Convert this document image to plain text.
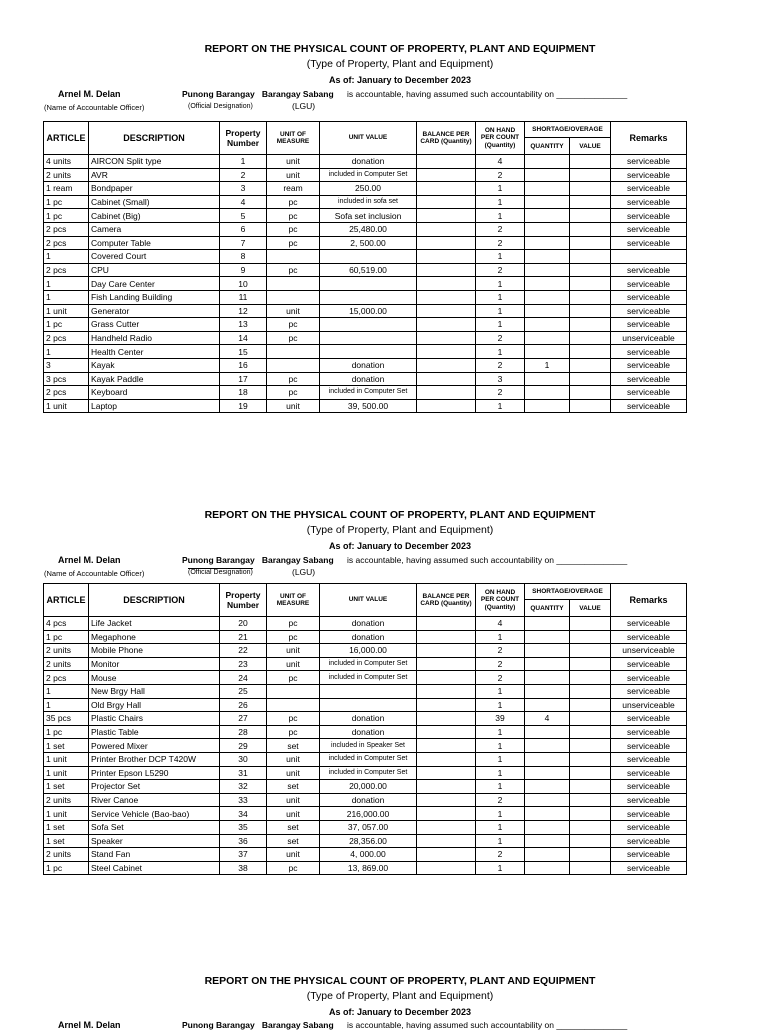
REPORT ON THE PHYSICAL COUNT OF PROPERTY, PLANT AND EQUIPMENT
(Type of Property, Plant and Equipment)
As of: January to December 2023
Arnel M. Delan	Punong Barangay Barangay Sabang is accountable, having assumed such accountability on _______________
(Name of Accountable Officer)	(Official Designation)	(LGU)
ARTICLE	DESCRIPTION	Property Number	UNIT OF MEASURE	UNIT VALUE	BALANCE PER CARD (Quantity)	ON HAND PER COUNT (Quantity)	SHORTAGE/OVERAGE		Remarks
							QUANTITY	VALUE	
4 units	AIRCON Split type	1	unit	donation		4			serviceable
2 units	AVR	2	unit	included in Computer Set		2			serviceable
1 ream	Bondpaper	3	ream	250.00		1			serviceable
1 pc	Cabinet (Small)	4	pc	included in sofa set		1			serviceable
1 pc	Cabinet (Big)	5	pc	Sofa set inclusion		1			serviceable
2 pcs	Camera	6	pc	25,480.00		2			serviceable
2 pcs	Computer Table	7	pc	2, 500.00		2			serviceable
1	Covered Court	8				1			
2 pcs	CPU	9	pc	60,519.00		2			serviceable
1	Day Care Center	10				1			serviceable
1	Fish Landing Building	11				1			serviceable
1 unit	Generator	12	unit	15,000.00		1			serviceable
1 pc	Grass Cutter	13	pc			1			serviceable
2 pcs	Handheld Radio	14	pc			2			unserviceable
1	Health Center	15				1			serviceable
3	Kayak	16		donation		2	1		serviceable
3 pcs	Kayak Paddle	17	pc	donation		3			serviceable
2 pcs	Keyboard	18	pc	included in Computer Set		2			serviceable
1 unit	Laptop	19	unit	39, 500.00		1			serviceable
REPORT ON THE PHYSICAL COUNT OF PROPERTY, PLANT AND EQUIPMENT
(Type of Property, Plant and Equipment)
As of: January to December 2023
Arnel M. Delan	Punong Barangay Barangay Sabang is accountable, having assumed such accountability on _______________
(Name of Accountable Officer)	(Official Designation)	(LGU)
ARTICLE	DESCRIPTION	Property Number	UNIT OF MEASURE	UNIT VALUE	BALANCE PER CARD (Quantity)	ON HAND PER COUNT (Quantity)	SHORTAGE/OVERAGE		Remarks
							QUANTITY	VALUE	
4 pcs	Life Jacket	20	pc	donation		4			serviceable
1 pc	Megaphone	21	pc	donation		1			serviceable
2 units	Mobile Phone	22	unit	16,000.00		2			unserviceable
2 units	Monitor	23	unit	included in Computer Set		2			serviceable
2 pcs	Mouse	24	pc	included in Computer Set		2			serviceable
1	New Brgy Hall	25				1			serviceable
1	Old Brgy Hall	26				1			unserviceable
35 pcs	Plastic Chairs	27	pc	donation		39	4		serviceable
1 pc	Plastic Table	28	pc	donation		1			serviceable
1 set	Powered Mixer	29	set	included in Speaker Set		1			serviceable
1 unit	Printer Brother DCP T420W	30	unit	included in Computer Set		1			serviceable
1 unit	Printer Epson L5290	31	unit	included in Computer Set		1			serviceable
1 set	Projector Set	32	set	20,000.00		1			serviceable
2 units	River Canoe	33	unit	donation		2			serviceable
1 unit	Service Vehicle (Bao-bao)	34	unit	216,000.00		1			serviceable
1 set	Sofa Set	35	set	37, 057.00		1			serviceable
1 set	Speaker	36	set	28,356.00		1			serviceable
2 units	Stand Fan	37	unit	4, 000.00		2			serviceable
1 pc	Steel Cabinet	38	pc	13, 869.00		1			serviceable
REPORT ON THE PHYSICAL COUNT OF PROPERTY, PLANT AND EQUIPMENT
(Type of Property, Plant and Equipment)
As of: January to December 2023
Arnel M. Delan	Punong Barangay Barangay Sabang is accountable, having assumed such accountability on _______________
